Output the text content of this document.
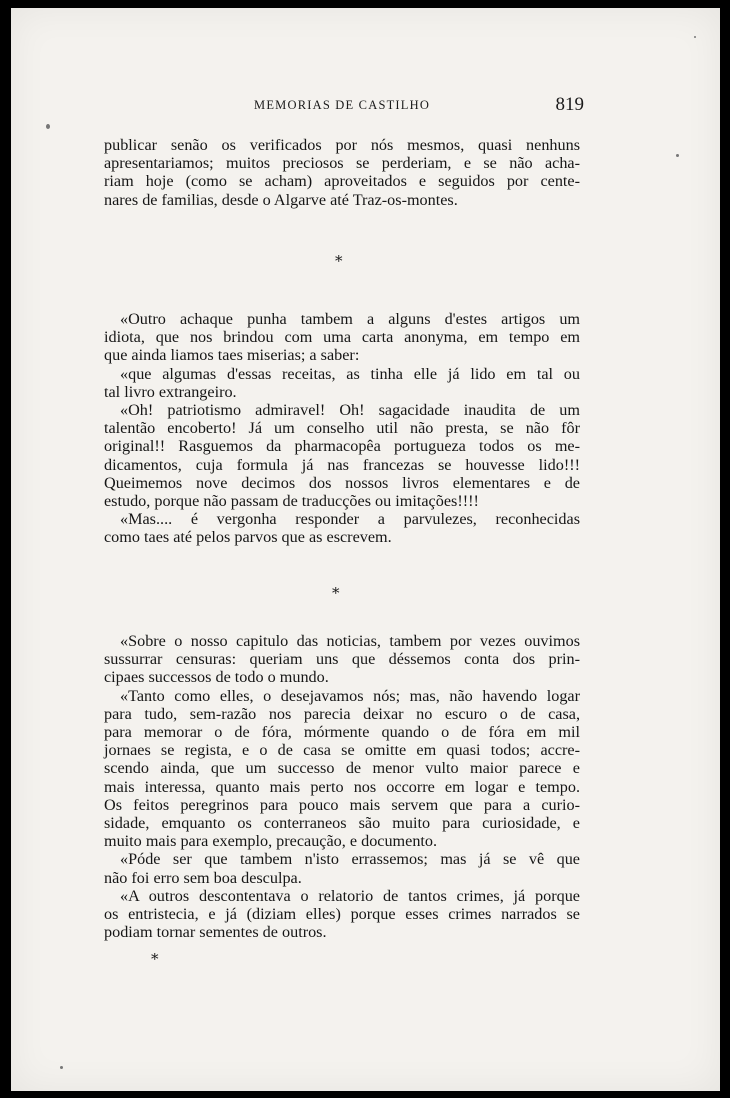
MEMORIAS DE CASTILHO	819
publicar senão os verificados por nós mesmos, quasi nenhuns
apresentariamos; muitos preciosos se perderiam, e se não acha-
riam hoje (como se acham) aproveitados e seguidos por cente-
nares de familias, desde o Algarve até Traz-os-montes.
*
«Outro achaque punha tambem a alguns d'estes artigos um
idiota, que nos brindou com uma carta anonyma, em tempo em
que ainda liamos taes miserias; a saber:
«que algumas d'essas receitas, as tinha elle já lido em tal ou
tal livro extrangeiro.
«Oh! patriotismo admiravel! Oh! sagacidade inaudita de um
talentão encoberto! Já um conselho util não presta, se não fôr
original!! Rasguemos da pharmacopêa portugueza todos os me-
dicamentos, cuja formula já nas francezas se houvesse lido!!!
Queimemos nove decimos dos nossos livros elementares e de
estudo, porque não passam de traducções ou imitações!!!!
«Mas.... é vergonha responder a parvulezes, reconhecidas
como taes até pelos parvos que as escrevem.
*
«Sobre o nosso capitulo das noticias, tambem por vezes ouvimos
sussurrar censuras: queriam uns que déssemos conta dos prin-
cipaes successos de todo o mundo.
«Tanto como elles, o desejavamos nós; mas, não havendo logar
para tudo, sem-razão nos parecia deixar no escuro o de casa,
para memorar o de fóra, mórmente quando o de fóra em mil
jornaes se regista, e o de casa se omitte em quasi todos; accre-
scendo ainda, que um successo de menor vulto maior parece e
mais interessa, quanto mais perto nos occorre em logar e tempo.
Os feitos peregrinos para pouco mais servem que para a curio-
sidade, emquanto os conterraneos são muito para curiosidade, e
muito mais para exemplo, precaução, e documento.
«Póde ser que tambem n'isto errassemos; mas já se vê que
não foi erro sem boa desculpa.
«A outros descontentava o relatorio de tantos crimes, já porque
os entristecia, e já (diziam elles) porque esses crimes narrados se
podiam tornar sementes de outros.
*
